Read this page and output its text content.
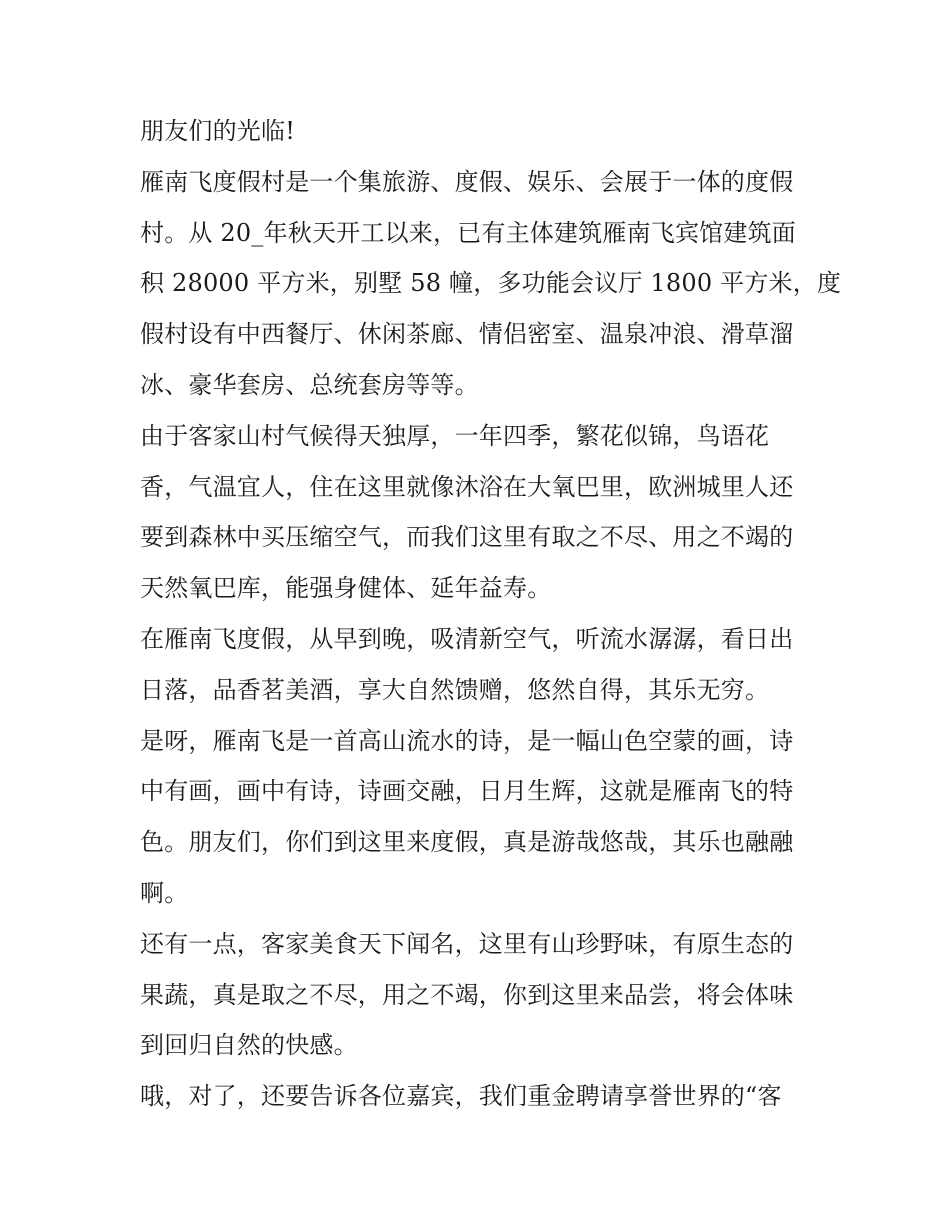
朋友们的光临!
雁南飞度假村是一个集旅游、度假、娱乐、会展于一体的度假
村。从 20_年秋天开工以来，已有主体建筑雁南飞宾馆建筑面
积 28000 平方米，别墅 58 幢，多功能会议厅 1800 平方米，度
假村设有中西餐厅、休闲茶廊、情侣密室、温泉冲浪、滑草溜
冰、豪华套房、总统套房等等。
由于客家山村气候得天独厚，一年四季，繁花似锦，鸟语花
香，气温宜人，住在这里就像沐浴在大氧巴里，欧洲城里人还
要到森林中买压缩空气，而我们这里有取之不尽、用之不竭的
天然氧巴库，能强身健体、延年益寿。
在雁南飞度假，从早到晚，吸清新空气，听流水潺潺，看日出
日落，品香茗美酒，享大自然馈赠，悠然自得，其乐无穷。
是呀，雁南飞是一首高山流水的诗，是一幅山色空蒙的画，诗
中有画，画中有诗，诗画交融，日月生辉，这就是雁南飞的特
色。朋友们，你们到这里来度假，真是游哉悠哉，其乐也融融
啊。
还有一点，客家美食天下闻名，这里有山珍野味，有原生态的
果蔬，真是取之不尽，用之不竭，你到这里来品尝，将会体味
到回归自然的快感。
哦，对了，还要告诉各位嘉宾，我们重金聘请享誉世界的“客
